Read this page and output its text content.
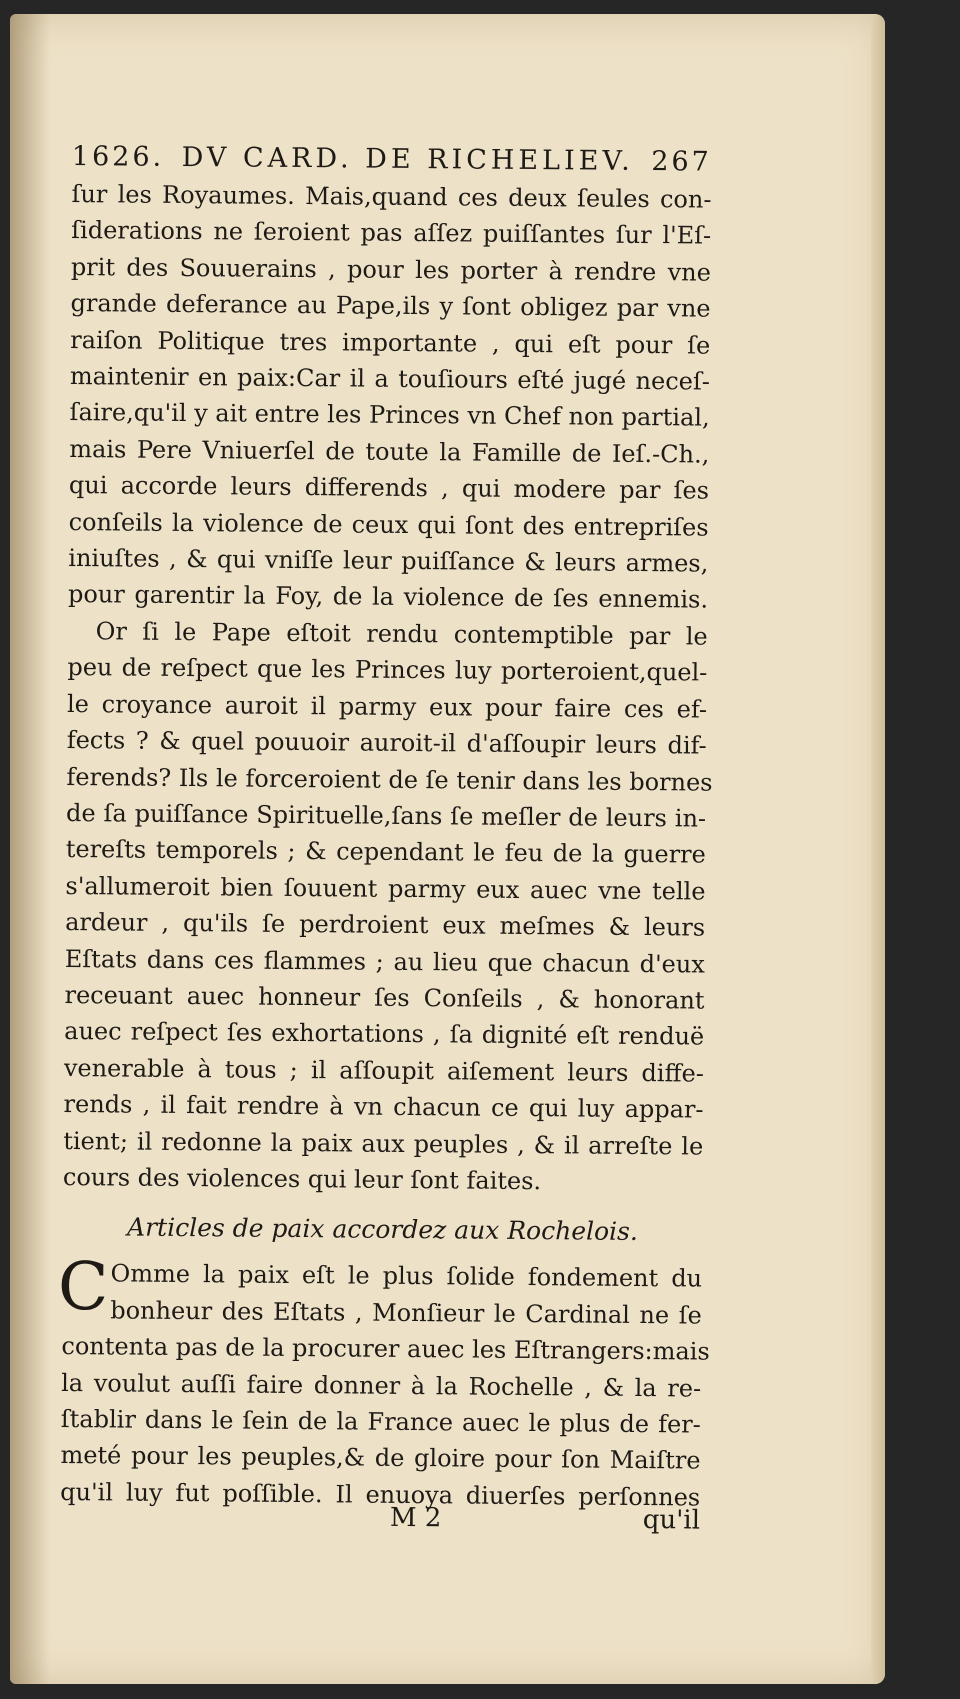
1626. DV CARD. DE RICHELIEV. 267
ſur les Royaumes. Mais,quand ces deux ſeules con-
ſiderations ne ſeroient pas aſſez puiſſantes ſur l'Eſ-
prit des Souuerains , pour les porter à rendre vne
grande deferance au Pape,ils y ſont obligez par vne
raiſon Politique tres importante , qui eſt pour ſe
maintenir en paix:Car il a touſiours eſté jugé neceſ-
ſaire,qu'il y ait entre les Princes vn Chef non partial,
mais Pere Vniuerſel de toute la Famille de Ieſ.-Ch.,
qui accorde leurs differends , qui modere par ſes
conſeils la violence de ceux qui ſont des entrepriſes
iniuſtes , & qui vniſſe leur puiſſance & leurs armes,
pour garentir la Foy, de la violence de ſes ennemis.
Or ſi le Pape eſtoit rendu contemptible par le
peu de reſpect que les Princes luy porteroient,quel-
le croyance auroit il parmy eux pour faire ces ef-
fects ? & quel pouuoir auroit-il d'aſſoupir leurs dif-
ferends? Ils le forceroient de ſe tenir dans les bornes
de ſa puiſſance Spirituelle,ſans ſe meſler de leurs in-
tereſts temporels ; & cependant le feu de la guerre
s'allumeroit bien ſouuent parmy eux auec vne telle
ardeur , qu'ils ſe perdroient eux meſmes & leurs
Eſtats dans ces flammes ; au lieu que chacun d'eux
receuant auec honneur ſes Conſeils , & honorant
auec reſpect ſes exhortations , ſa dignité eſt renduë
venerable à tous ; il aſſoupit aiſement leurs diffe-
rends , il fait rendre à vn chacun ce qui luy appar-
tient; il redonne la paix aux peuples , & il arreſte le
cours des violences qui leur ſont faites.
Articles de paix accordez aux Rochelois.
C Omme la paix eſt le plus ſolide fondement du
bonheur des Eſtats , Monſieur le Cardinal ne ſe
contenta pas de la procurer auec les Eſtrangers:mais
la voulut auſſi faire donner à la Rochelle , & la re-
ſtablir dans le ſein de la France auec le plus de fer-
meté pour les peuples,& de gloire pour ſon Maiſtre
qu'il luy fut poſſible. Il enuoya diuerſes perſonnes
M 2	qu'il
